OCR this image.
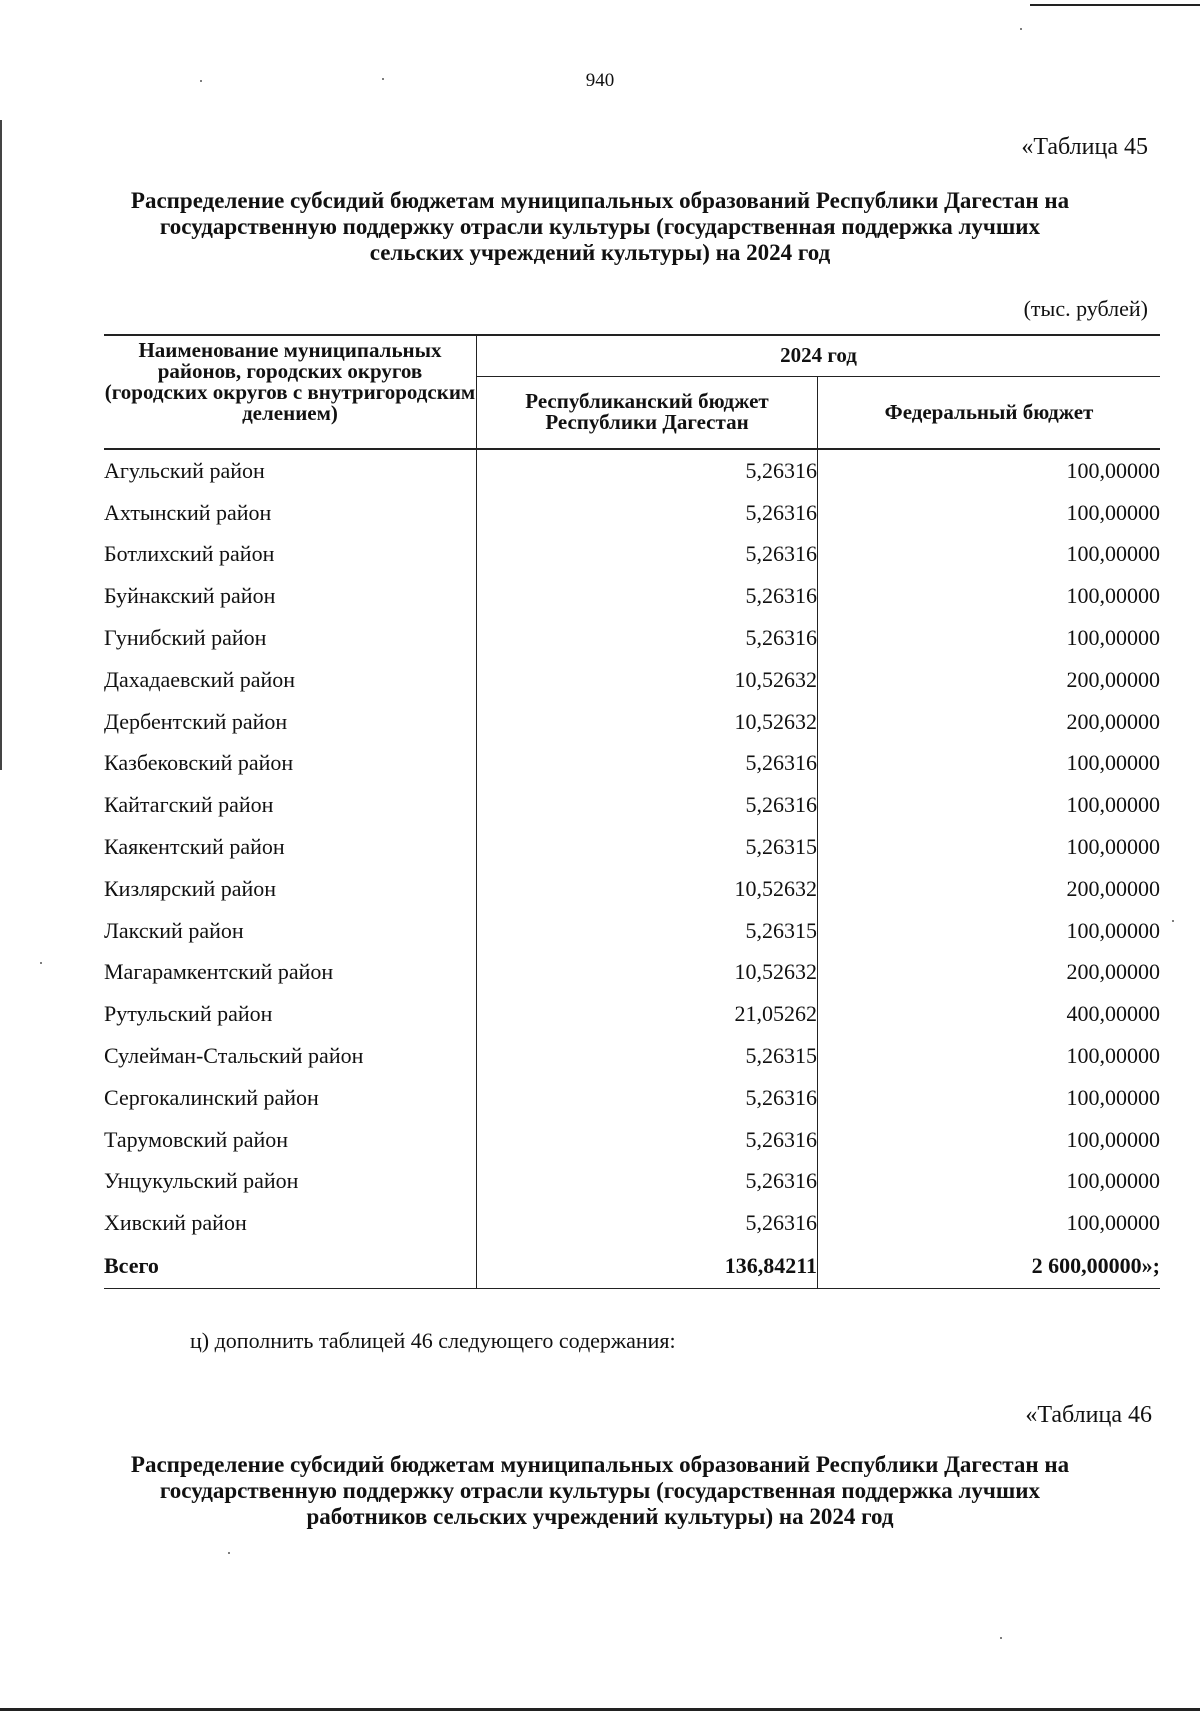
940
«Таблица 45
Распределение субсидий бюджетам муниципальных образований Республики Дагестан на государственную поддержку отрасли культуры (государственная поддержка лучших сельских учреждений культуры) на 2024 год
(тыс. рублей)
Наименование муниципальных районов, городских округов (городских округов с внутригородским делением)	2024 год	
	Республиканский бюджет Республики Дагестан	Федеральный бюджет
Агульский район	5,26316	100,00000
Ахтынский район	5,26316	100,00000
Ботлихский район	5,26316	100,00000
Буйнакский район	5,26316	100,00000
Гунибский район	5,26316	100,00000
Дахадаевский район	10,52632	200,00000
Дербентский район	10,52632	200,00000
Казбековский район	5,26316	100,00000
Кайтагский район	5,26316	100,00000
Каякентский район	5,26315	100,00000
Кизлярский район	10,52632	200,00000
Лакский район	5,26315	100,00000
Магарамкентский район	10,52632	200,00000
Рутульский район	21,05262	400,00000
Сулейман-Стальский район	5,26315	100,00000
Сергокалинский район	5,26316	100,00000
Тарумовский район	5,26316	100,00000
Унцукульский район	5,26316	100,00000
Хивский район	5,26316	100,00000
Всего	136,84211	2 600,00000»;
ц) дополнить таблицей 46 следующего содержания:
«Таблица 46
Распределение субсидий бюджетам муниципальных образований Республики Дагестан на государственную поддержку отрасли культуры (государственная поддержка лучших работников сельских учреждений культуры) на 2024 год
